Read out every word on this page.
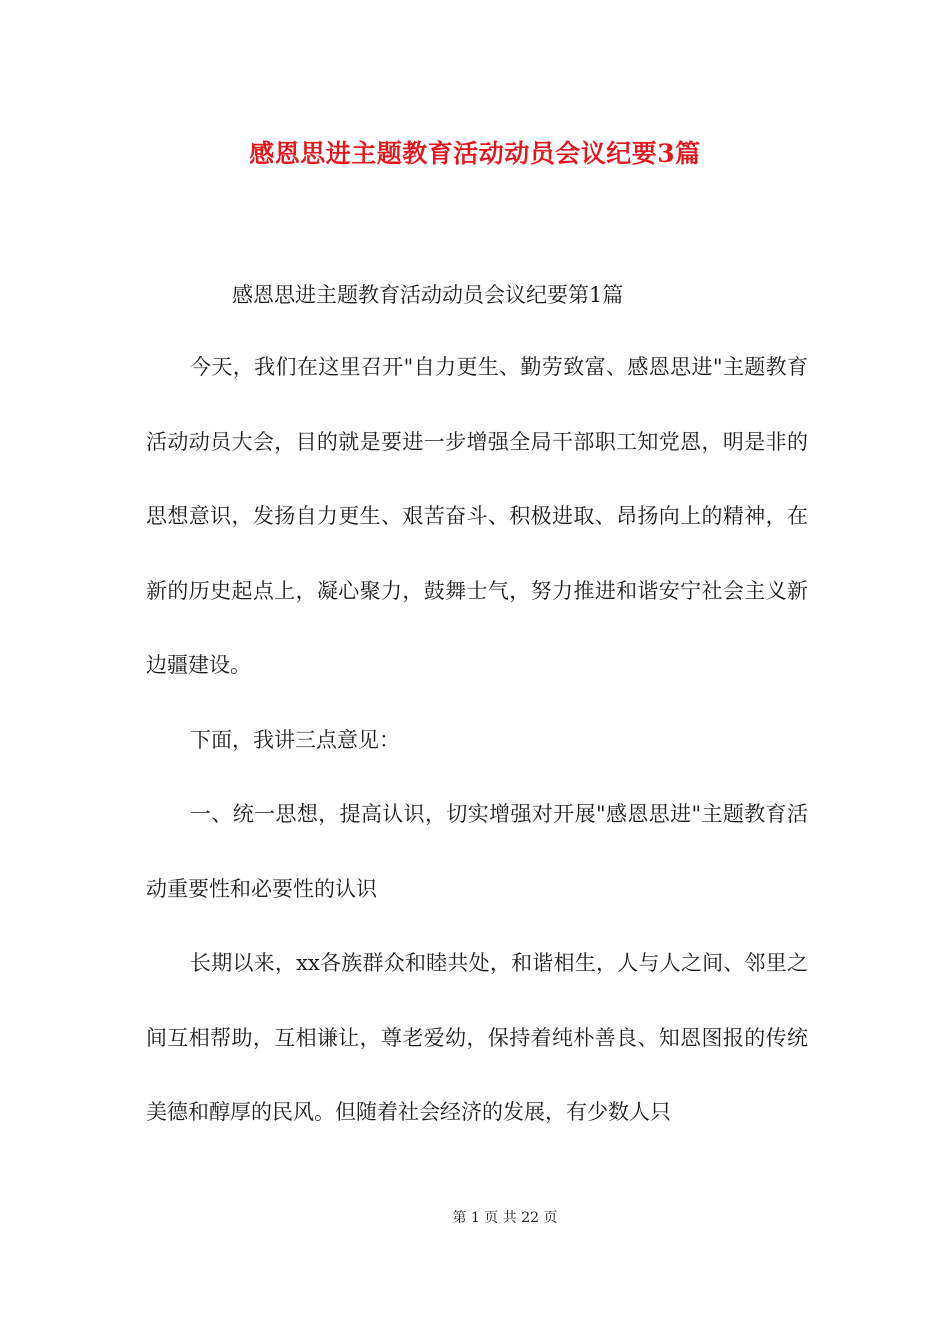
感恩思进主题教育活动动员会议纪要3篇
感恩思进主题教育活动动员会议纪要第1篇

今天，我们在这里召开"自力更生、勤劳致富、感恩思进"主题教育活动动员大会，目的就是要进一步增强全局干部职工知党恩，明是非的思想意识，发扬自力更生、艰苦奋斗、积极进取、昂扬向上的精神，在新的历史起点上，凝心聚力，鼓舞士气，努力推进和谐安宁社会主义新边疆建设。

下面，我讲三点意见：

一、统一思想，提高认识，切实增强对开展"感恩思进"主题教育活动重要性和必要性的认识

长期以来，xx各族群众和睦共处，和谐相生，人与人之间、邻里之间互相帮助，互相谦让，尊老爱幼，保持着纯朴善良、知恩图报的传统美德和醇厚的民风。但随着社会经济的发展，有少数人只

第 1 页 共 22 页
